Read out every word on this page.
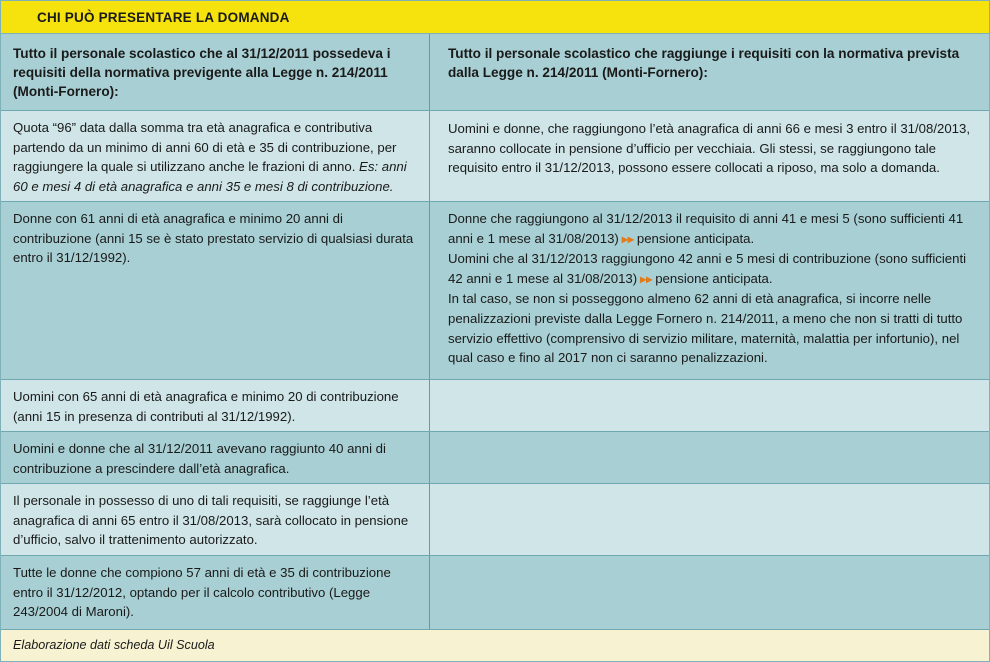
CHI PUÒ PRESENTARE LA DOMANDA
Tutto il personale scolastico che al 31/12/2011 possedeva i requisiti della normativa previgente alla Legge n. 214/2011 (Monti-Fornero):
Tutto il personale scolastico che raggiunge i requisiti con la normativa prevista dalla Legge n. 214/2011 (Monti-Fornero):
Quota “96” data dalla somma tra età anagrafica e contributiva partendo da un minimo di anni 60 di età e 35 di contribuzione, per raggiungere la quale si utilizzano anche le frazioni di anno. Es: anni 60 e mesi 4 di età anagrafica e anni 35 e mesi 8 di contribuzione.
Uomini e donne, che raggiungono l’età anagrafica di anni 66 e mesi 3 entro il 31/08/2013, saranno collocate in pensione d’ufficio per vecchiaia. Gli stessi, se raggiungono tale requisito entro il 31/12/2013, possono essere collocati a riposo, ma solo a domanda.
Donne con 61 anni di età anagrafica e minimo 20 anni di contribuzione (anni 15 se è stato prestato servizio di qualsiasi durata entro il 31/12/1992).
Donne che raggiungono al 31/12/2013 il requisito di anni 41 e mesi 5 (sono sufficienti 41 anni e 1 mese al 31/08/2013) ▸▸ pensione anticipata.
Uomini che al 31/12/2013 raggiungono 42 anni e 5 mesi di contribuzione (sono sufficienti 42 anni e 1 mese al 31/08/2013) ▸▸ pensione anticipata.
In tal caso, se non si posseggono almeno 62 anni di età anagrafica, si incorre nelle penalizzazioni previste dalla Legge Fornero n. 214/2011, a meno che non si tratti di tutto servizio effettivo (comprensivo di servizio militare, maternità, malattia per infortunio), nel qual caso e fino al 2017 non ci saranno penalizzazioni.
Uomini con 65 anni di età anagrafica e minimo 20 di contribuzione (anni 15 in presenza di contributi al 31/12/1992).
Uomini e donne che al 31/12/2011 avevano raggiunto 40 anni di contribuzione a prescindere dall’età anagrafica.
Il personale in possesso di uno di tali requisiti, se raggiunge l’età anagrafica di anni 65 entro il 31/08/2013, sarà collocato in pensione d’ufficio, salvo il trattenimento autorizzato.
Tutte le donne che compiono 57 anni di età e 35 di contribuzione entro il 31/12/2012, optando per il calcolo contributivo (Legge 243/2004 di Maroni).
Elaborazione dati scheda Uil Scuola
